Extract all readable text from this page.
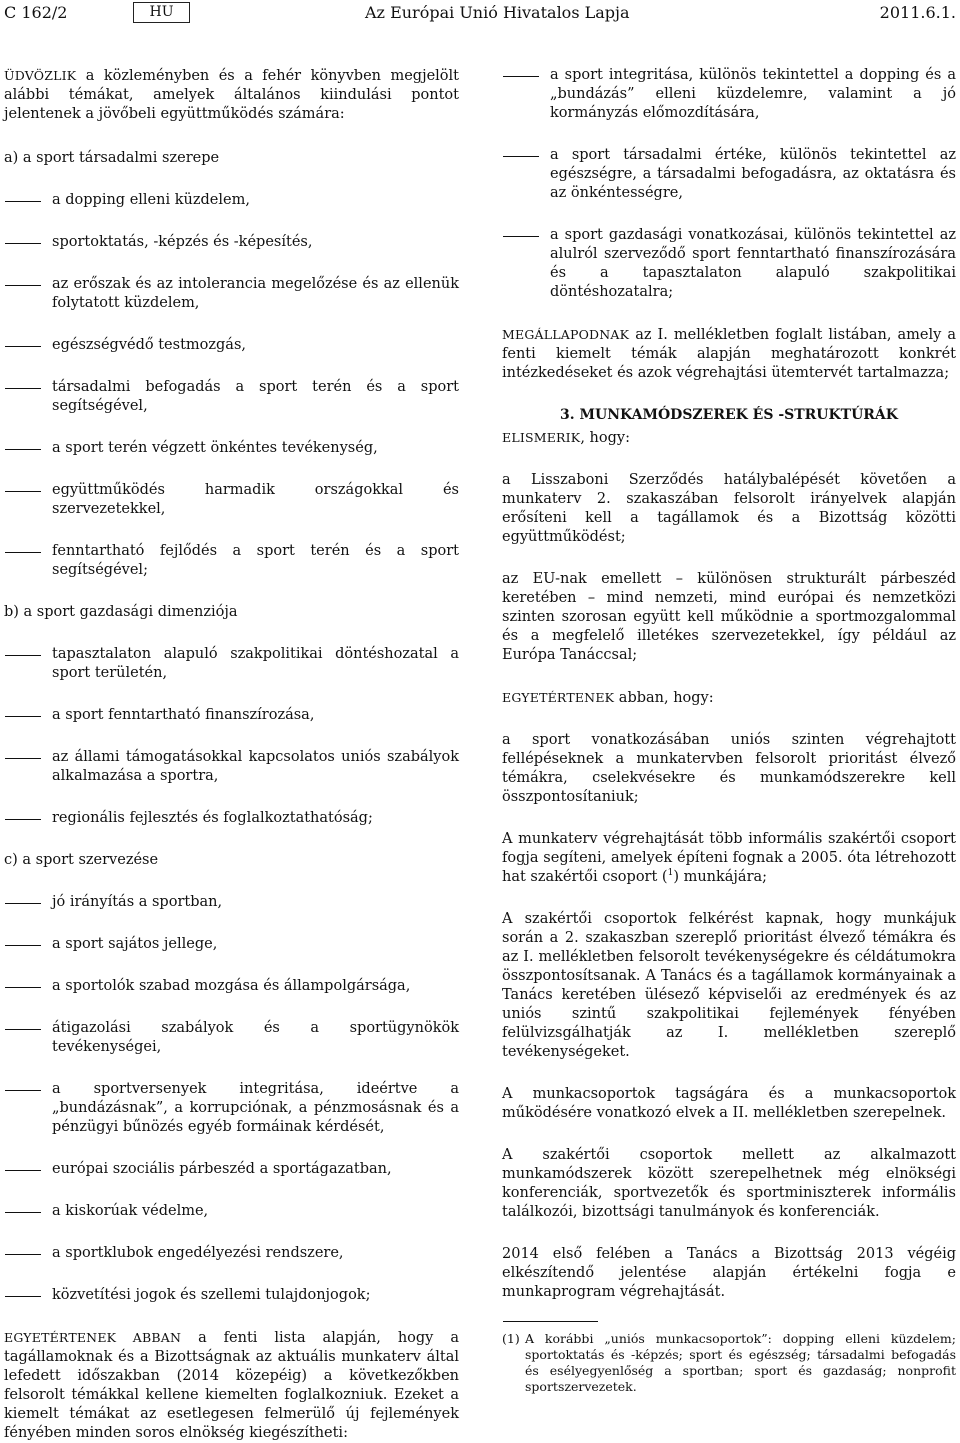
C 162/2	HU	Az Európai Unió Hivatalos Lapja	2011.6.1.

ÜDVÖZLIK a közleményben és a fehér könyvben megjelölt alábbi témákat, amelyek általános kiindulási pontot jelentenek a jövőbeli együttműködés számára:

a) a sport társadalmi szerepe

a dopping elleni küzdelem,
sportoktatás, -képzés és -képesítés,
az erőszak és az intolerancia megelőzése és az ellenük folytatott küzdelem,
egészségvédő testmozgás,
társadalmi befogadás a sport terén és a sport segítségével,
a sport terén végzett önkéntes tevékenység,
együttműködés harmadik országokkal és szervezetekkel,
fenntartható fejlődés a sport terén és a sport segítségével;

b) a sport gazdasági dimenziója

tapasztalaton alapuló szakpolitikai döntéshozatal a sport területén,
a sport fenntartható finanszírozása,
az állami támogatásokkal kapcsolatos uniós szabályok alkalmazása a sportra,
regionális fejlesztés és foglalkoztathatóság;

c) a sport szervezése

jó irányítás a sportban,
a sport sajátos jellege,
a sportolók szabad mozgása és állampolgársága,
átigazolási szabályok és a sportügynökök tevékenységei,
a sportversenyek integritása, ideértve a „bundázásnak”, a korrupciónak, a pénzmosásnak és a pénzügyi bűnözés egyéb formáinak kérdését,
európai szociális párbeszéd a sportágazatban,
a kiskorúak védelme,
a sportklubok engedélyezési rendszere,
közvetítési jogok és szellemi tulajdonjogok;

EGYETÉRTENEK ABBAN a fenti lista alapján, hogy a tagállamoknak és a Bizottságnak az aktuális munkaterv által lefedett időszakban (2014 közepéig) a következőkben felsorolt témákkal kellene kiemelten foglalkozniuk. Ezeket a kiemelt témákat az esetlegesen felmerülő új fejlemények fényében minden soros elnökség kiegészítheti:

a sport integritása, különös tekintettel a dopping és a „bundázás” elleni küzdelemre, valamint a jó kormányzás előmozdítására,
a sport társadalmi értéke, különös tekintettel az egészségre, a társadalmi befogadásra, az oktatásra és az önkéntességre,
a sport gazdasági vonatkozásai, különös tekintettel az alulról szerveződő sport fenntartható finanszírozására és a tapasztalaton alapuló szakpolitikai döntéshozatalra;

MEGÁLLAPODNAK az I. mellékletben foglalt listában, amely a fenti kiemelt témák alapján meghatározott konkrét intézkedéseket és azok végrehajtási ütemtervét tartalmazza;

3. MUNKAMÓDSZEREK ÉS -STRUKTÚRÁK

ELISMERIK, hogy:

a Lisszaboni Szerződés hatálybalépését követően a munkaterv 2. szakaszában felsorolt irányelvek alapján erősíteni kell a tagállamok és a Bizottság közötti együttműködést;

az EU-nak emellett – különösen strukturált párbeszéd keretében – mind nemzeti, mind európai és nemzetközi szinten szorosan együtt kell működnie a sportmozgalommal és a megfelelő illetékes szervezetekkel, így például az Európa Tanáccsal;

EGYETÉRTENEK abban, hogy:

a sport vonatkozásában uniós szinten végrehajtott fellépéseknek a munkatervben felsorolt prioritást élvező témákra, cselekvésekre és munkamódszerekre kell összpontosítaniuk;

A munkaterv végrehajtását több informális szakértői csoport fogja segíteni, amelyek építeni fognak a 2005. óta létrehozott hat szakértői csoport ($^1$) munkájára;

A szakértői csoportok felkérést kapnak, hogy munkájuk során a 2. szakaszban szereplő prioritást élvező témákra és az I. mellékletben felsorolt tevékenységekre és céldátumokra összpontosítsanak. A Tanács és a tagállamok kormányainak a Tanács keretében ülésező képviselői az eredmények és az uniós szintű szakpolitikai fejlemények fényében felülvizsgálhatják az I. mellékletben szereplő tevékenységeket.

A munkacsoportok tagságára és a munkacsoportok működésére vonatkozó elvek a II. mellékletben szerepelnek.

A szakértői csoportok mellett az alkalmazott munkamódszerek között szerepelhetnek még elnökségi konferenciák, sportvezetők és sportminiszterek informális találkozói, bizottsági tanulmányok és konferenciák.

2014 első felében a Tanács a Bizottság 2013 végéig elkészítendő jelentése alapján értékelni fogja e munkaprogram végrehajtását.

(1) A korábbi „uniós munkacsoportok”: dopping elleni küzdelem; sportoktatás és -képzés; sport és egészség; társadalmi befogadás és esélyegyenlőség a sportban; sport és gazdaság; nonprofit sportszervezetek.
